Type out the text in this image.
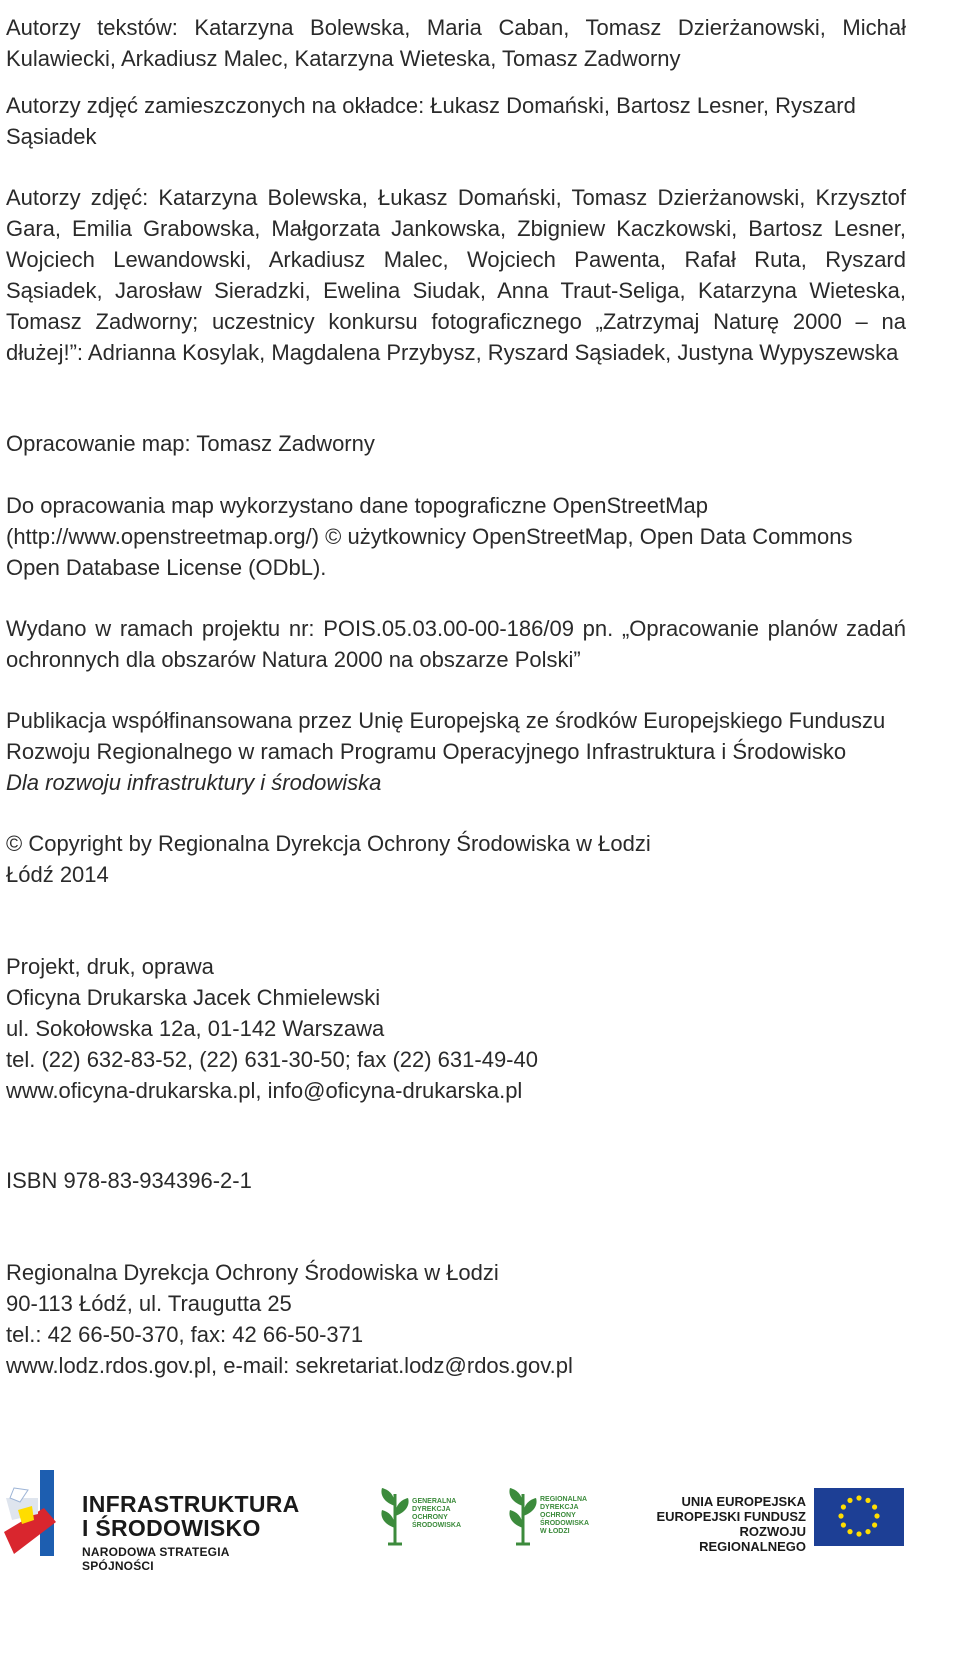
Autorzy tekstów: Katarzyna Bolewska, Maria Caban, Tomasz Dzierżanowski, Michał Kulawiecki, Arkadiusz Malec, Katarzyna Wieteska, Tomasz Zadworny

Autorzy zdjęć zamieszczonych na okładce: Łukasz Domański, Bartosz Lesner, Ryszard Sąsiadek

Autorzy zdjęć: Katarzyna Bolewska, Łukasz Domański, Tomasz Dzierżanowski, Krzysztof Gara, Emilia Grabowska, Małgorzata Jankowska, Zbigniew Kaczkowski, Bartosz Lesner, Wojciech Lewandowski, Arkadiusz Malec, Wojciech Pawenta, Rafał Ruta, Ryszard Sąsiadek, Jarosław Sieradzki, Ewelina Siudak, Anna Traut-Seliga, Katarzyna Wieteska, Tomasz Zadworny; uczestnicy konkursu fotograficznego „Zatrzymaj Naturę 2000 – na dłużej!”: Adrianna Kosylak, Magdalena Przybysz, Ryszard Sąsiadek, Justyna Wypyszewska

Opracowanie map: Tomasz Zadworny

Do opracowania map wykorzystano dane topograficzne OpenStreetMap (http://www.openstreetmap.org/) © użytkownicy OpenStreetMap, Open Data Commons Open Database License (ODbL).

Wydano w ramach projektu nr: POIS.05.03.00-00-186/09 pn. „Opracowanie planów zadań ochronnych dla obszarów Natura 2000 na obszarze Polski”

Publikacja współfinansowana przez Unię Europejską ze środków Europejskiego Funduszu Rozwoju Regionalnego w ramach Programu Operacyjnego Infrastruktura i Środowisko
Dla rozwoju infrastruktury i środowiska
© Copyright by Regionalna Dyrekcja Ochrony Środowiska w Łodzi
Łódź 2014
Projekt, druk, oprawa
Oficyna Drukarska Jacek Chmielewski
ul. Sokołowska 12a, 01-142 Warszawa
tel. (22) 632-83-52, (22) 631-30-50; fax (22) 631-49-40
www.oficyna-drukarska.pl, info@oficyna-drukarska.pl

ISBN 978-83-934396-2-1

Regionalna Dyrekcja Ochrony Środowiska w Łodzi
90-113 Łódź, ul. Traugutta 25
tel.: 42 66-50-370, fax: 42 66-50-371
www.lodz.rdos.gov.pl, e-mail: sekretariat.lodz@rdos.gov.pl
INFRASTRUKTURA
I ŚRODOWISKO
NARODOWA STRATEGIA SPÓJNOŚCI
GENERALNA
DYREKCJA
OCHRONY
ŚRODOWISKA
REGIONALNA
DYREKCJA
OCHRONY
ŚRODOWISKA
W ŁODZI
UNIA EUROPEJSKA
EUROPEJSKI FUNDUSZ
ROZWOJU REGIONALNEGO
